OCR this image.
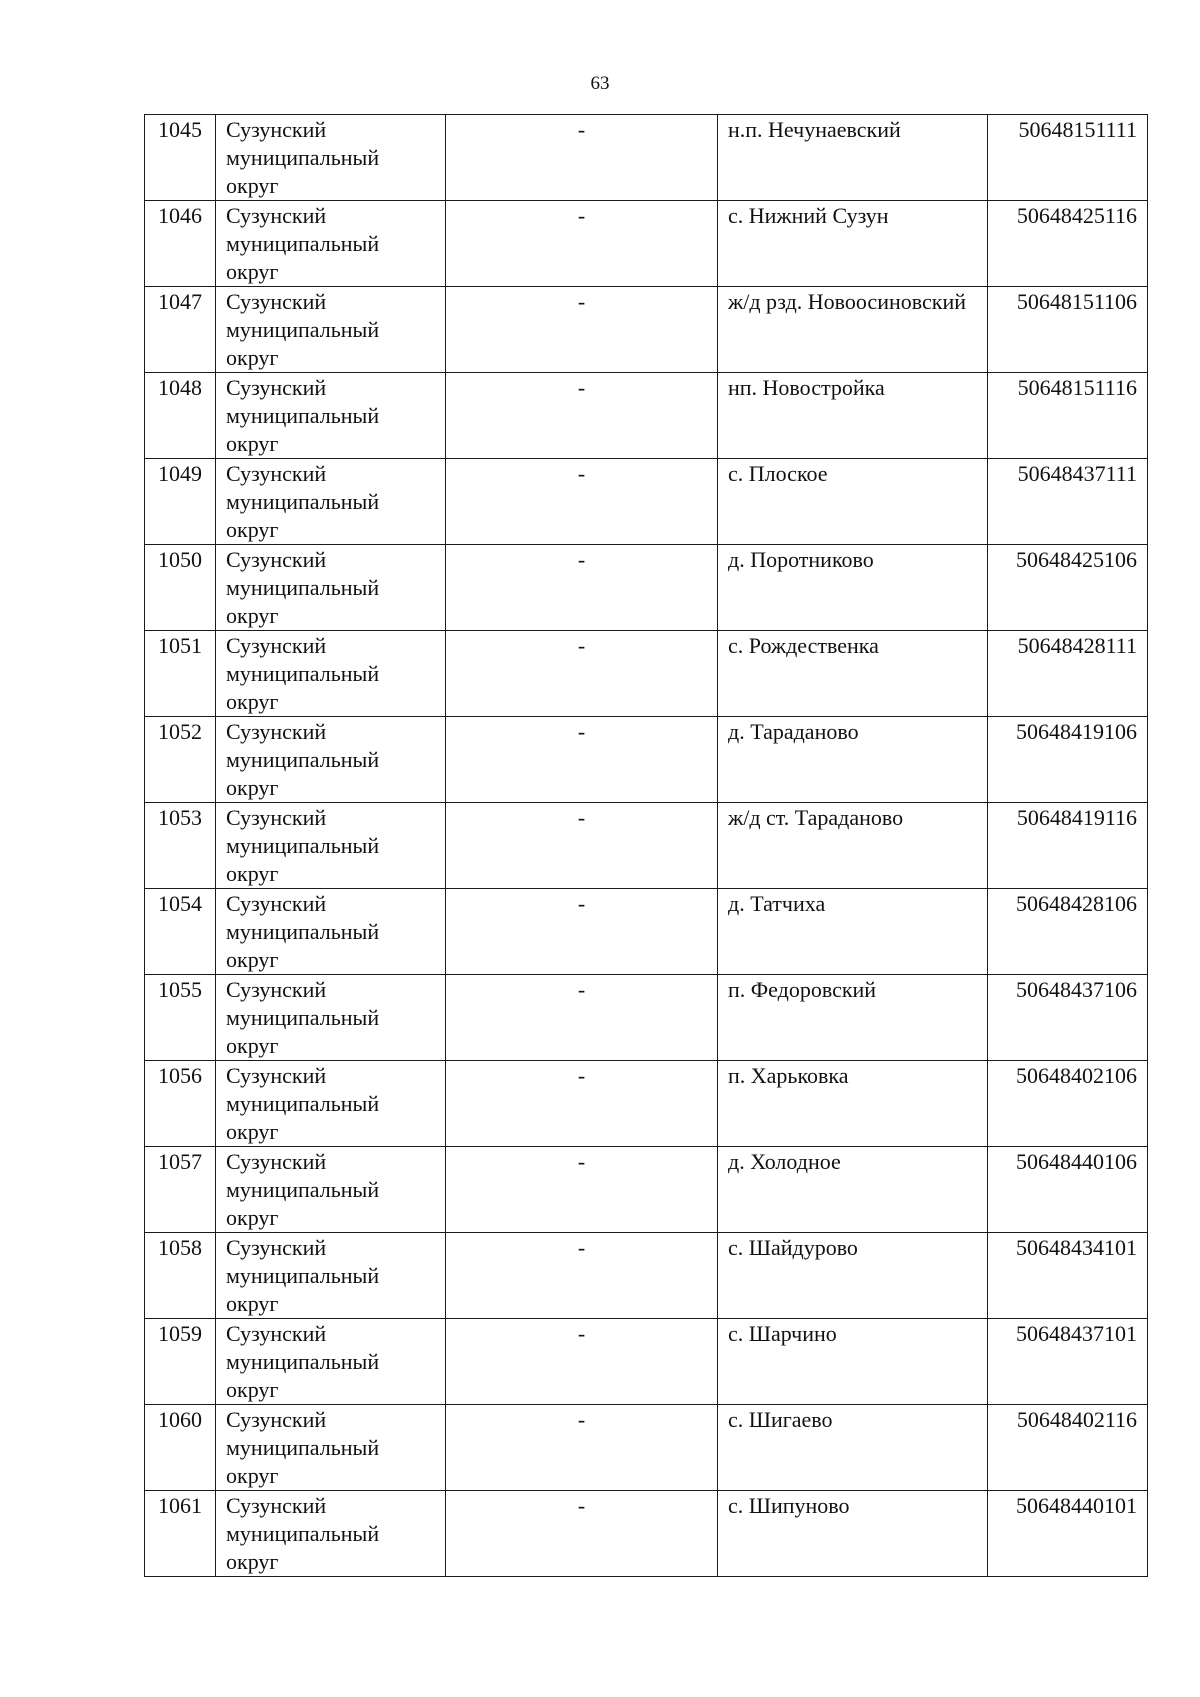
63
1045	Сузунский муниципальный округ	-	н.п. Нечунаевский	50648151111
1046	Сузунский муниципальный округ	-	с. Нижний Сузун	50648425116
1047	Сузунский муниципальный округ	-	ж/д рзд. Новоосиновский	50648151106
1048	Сузунский муниципальный округ	-	нп. Новостройка	50648151116
1049	Сузунский муниципальный округ	-	с. Плоское	50648437111
1050	Сузунский муниципальный округ	-	д. Поротниково	50648425106
1051	Сузунский муниципальный округ	-	с. Рождественка	50648428111
1052	Сузунский муниципальный округ	-	д. Тараданово	50648419106
1053	Сузунский муниципальный округ	-	ж/д ст. Тараданово	50648419116
1054	Сузунский муниципальный округ	-	д. Татчиха	50648428106
1055	Сузунский муниципальный округ	-	п. Федоровский	50648437106
1056	Сузунский муниципальный округ	-	п. Харьковка	50648402106
1057	Сузунский муниципальный округ	-	д. Холодное	50648440106
1058	Сузунский муниципальный округ	-	с. Шайдурово	50648434101
1059	Сузунский муниципальный округ	-	с. Шарчино	50648437101
1060	Сузунский муниципальный округ	-	с. Шигаево	50648402116
1061	Сузунский муниципальный округ	-	с. Шипуново	50648440101
